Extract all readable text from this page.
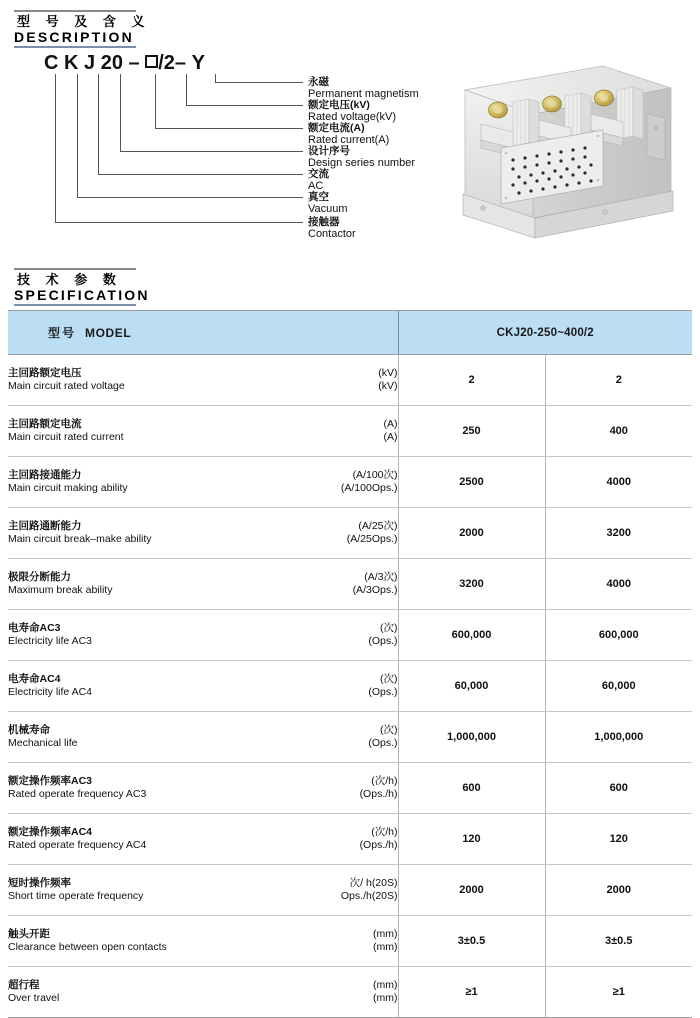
型 号 及 含 义
DESCRIPTION
C K J 20 – /2– Y
永磁
Permanent magnetism
额定电压(kV)
Rated voltage(kV)
额定电流(A)
Rated current(A)
设计序号
Design series number
交流
AC
真空
Vacuum
接触器
Contactor
技 术 参 数
SPECIFICATION
型号 MODEL	CKJ20-250~400/2	

主回路额定电压
Main circuit rated voltage
(kV)
(kV)	2	2

主回路额定电流
Main circuit rated current
(A)
(A)	250	400

主回路接通能力
Main circuit making ability
(A/100次)
(A/100Ops.)	2500	4000

主回路通断能力
Main circuit break–make ability
(A/25次)
(A/25Ops.)	2000	3200

极限分断能力
Maximum break ability
(A/3次)
(A/3Ops.)	3200	4000

电寿命AC3
Electricity life AC3
(次)
(Ops.)	600,000	600,000

电寿命AC4
Electricity life AC4
(次)
(Ops.)	60,000	60,000

机械寿命
Mechanical life
(次)
(Ops.)	1,000,000	1,000,000

额定操作频率AC3
Rated operate frequency AC3
(次/h)
(Ops./h)	600	600

额定操作频率AC4
Rated operate frequency AC4
(次/h)
(Ops./h)	120	120

短时操作频率
Short time operate frequency
次/ h(20S)
Ops./h(20S)	2000	2000

触头开距
Clearance between open contacts
(mm)
(mm)	3±0.5	3±0.5

超行程
Over travel
(mm)
(mm)	≥1	≥1
